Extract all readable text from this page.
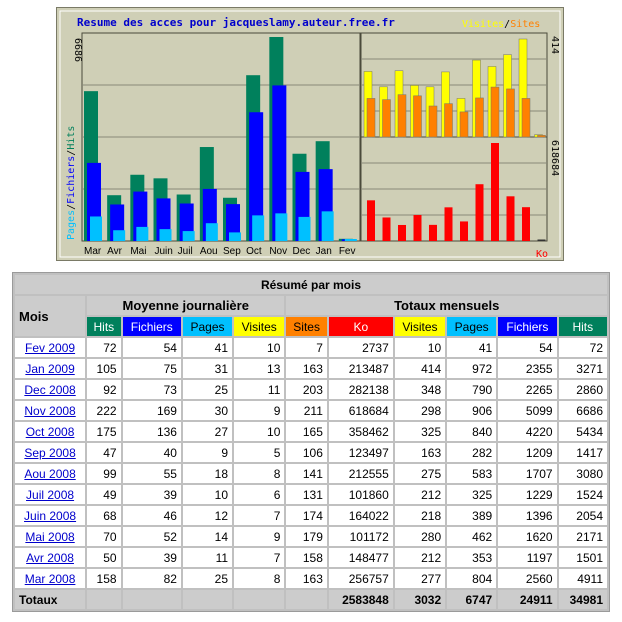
Resume des acces pour jacqueslamy.auteur.free.fr	Visites/Sites
6686
Pages/Fichiers/Hits
Mar Avr Mai Juin Juil Aou Sep Oct Nov Dec Jan Fev
414
618684
Ko
Résumé par mois										
Mois	Moyenne journalière				Totaux mensuels					
	Hits	Fichiers	Pages	Visites	Sites	Ko	Visites	Pages	Fichiers	Hits
Fev 2009	72	54	41	10	7	2737	10	41	54	72
Jan 2009	105	75	31	13	163	213487	414	972	2355	3271
Dec 2008	92	73	25	11	203	282138	348	790	2265	2860
Nov 2008	222	169	30	9	211	618684	298	906	5099	6686
Oct 2008	175	136	27	10	165	358462	325	840	4220	5434
Sep 2008	47	40	9	5	106	123497	163	282	1209	1417
Aou 2008	99	55	18	8	141	212555	275	583	1707	3080
Juil 2008	49	39	10	6	131	101860	212	325	1229	1524
Juin 2008	68	46	12	7	174	164022	218	389	1396	2054
Mai 2008	70	52	14	9	179	101172	280	462	1620	2171
Avr 2008	50	39	11	7	158	148477	212	353	1197	1501
Mar 2008	158	82	25	8	163	256757	277	804	2560	4911
Totaux						2583848	3032	6747	24911	34981
